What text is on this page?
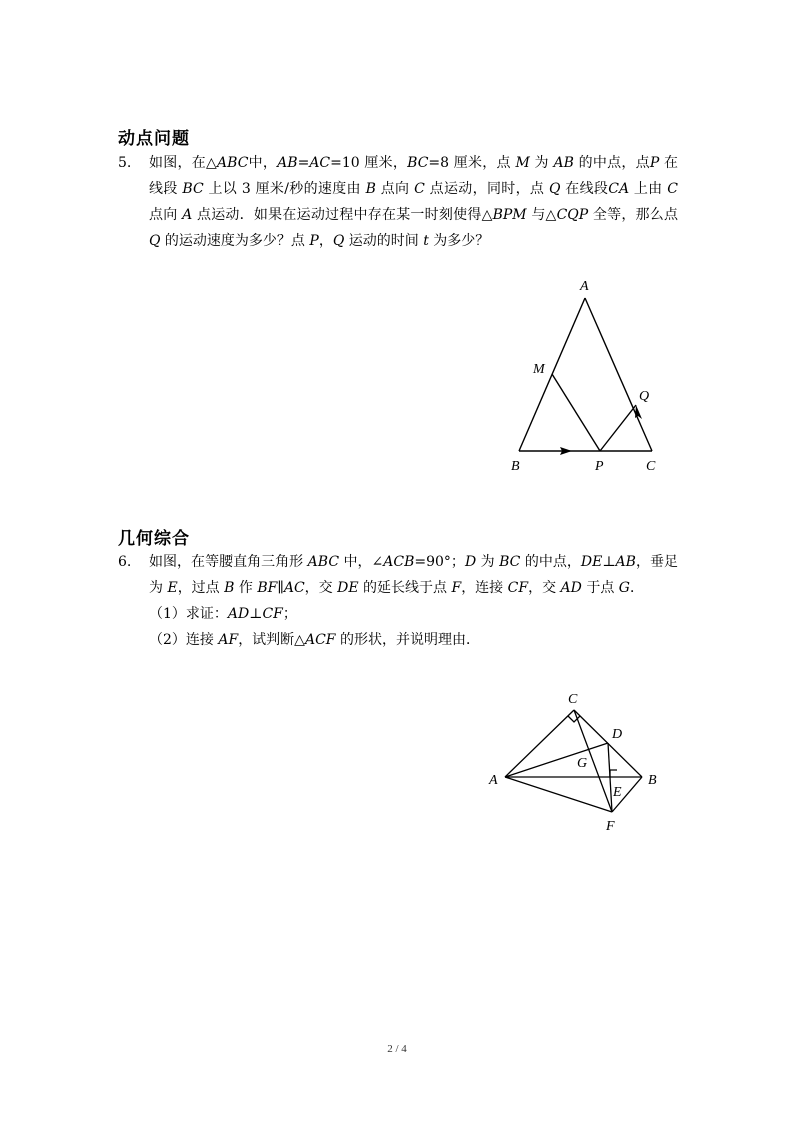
动点问题
5. 如图，在△ABC中，AB=AC=10 厘米，BC=8 厘米，点 M 为 AB 的中点，点P 在线段 BC 上以 3 厘米/秒的速度由 B 点向 C 点运动，同时，点 Q 在线段CA 上由 C 点向 A 点运动．如果在运动过程中存在某一时刻使得△BPM 与△CQP 全等，那么点 Q 的运动速度为多少？点 P，Q 运动的时间 t 为多少？
A
M
Q
B	P	C
几何综合
6. 如图，在等腰直角三角形 ABC 中，∠ACB=90°；D 为 BC 的中点，DE⊥AB，垂足为 E，过点 B 作 BF∥AC，交 DE 的延长线于点 F，连接 CF，交 AD 于点 G．
（1）求证：AD⊥CF；
（2）连接 AF，试判断△ACF 的形状，并说明理由．
C
D
G
A	B
E
F
2 / 4
